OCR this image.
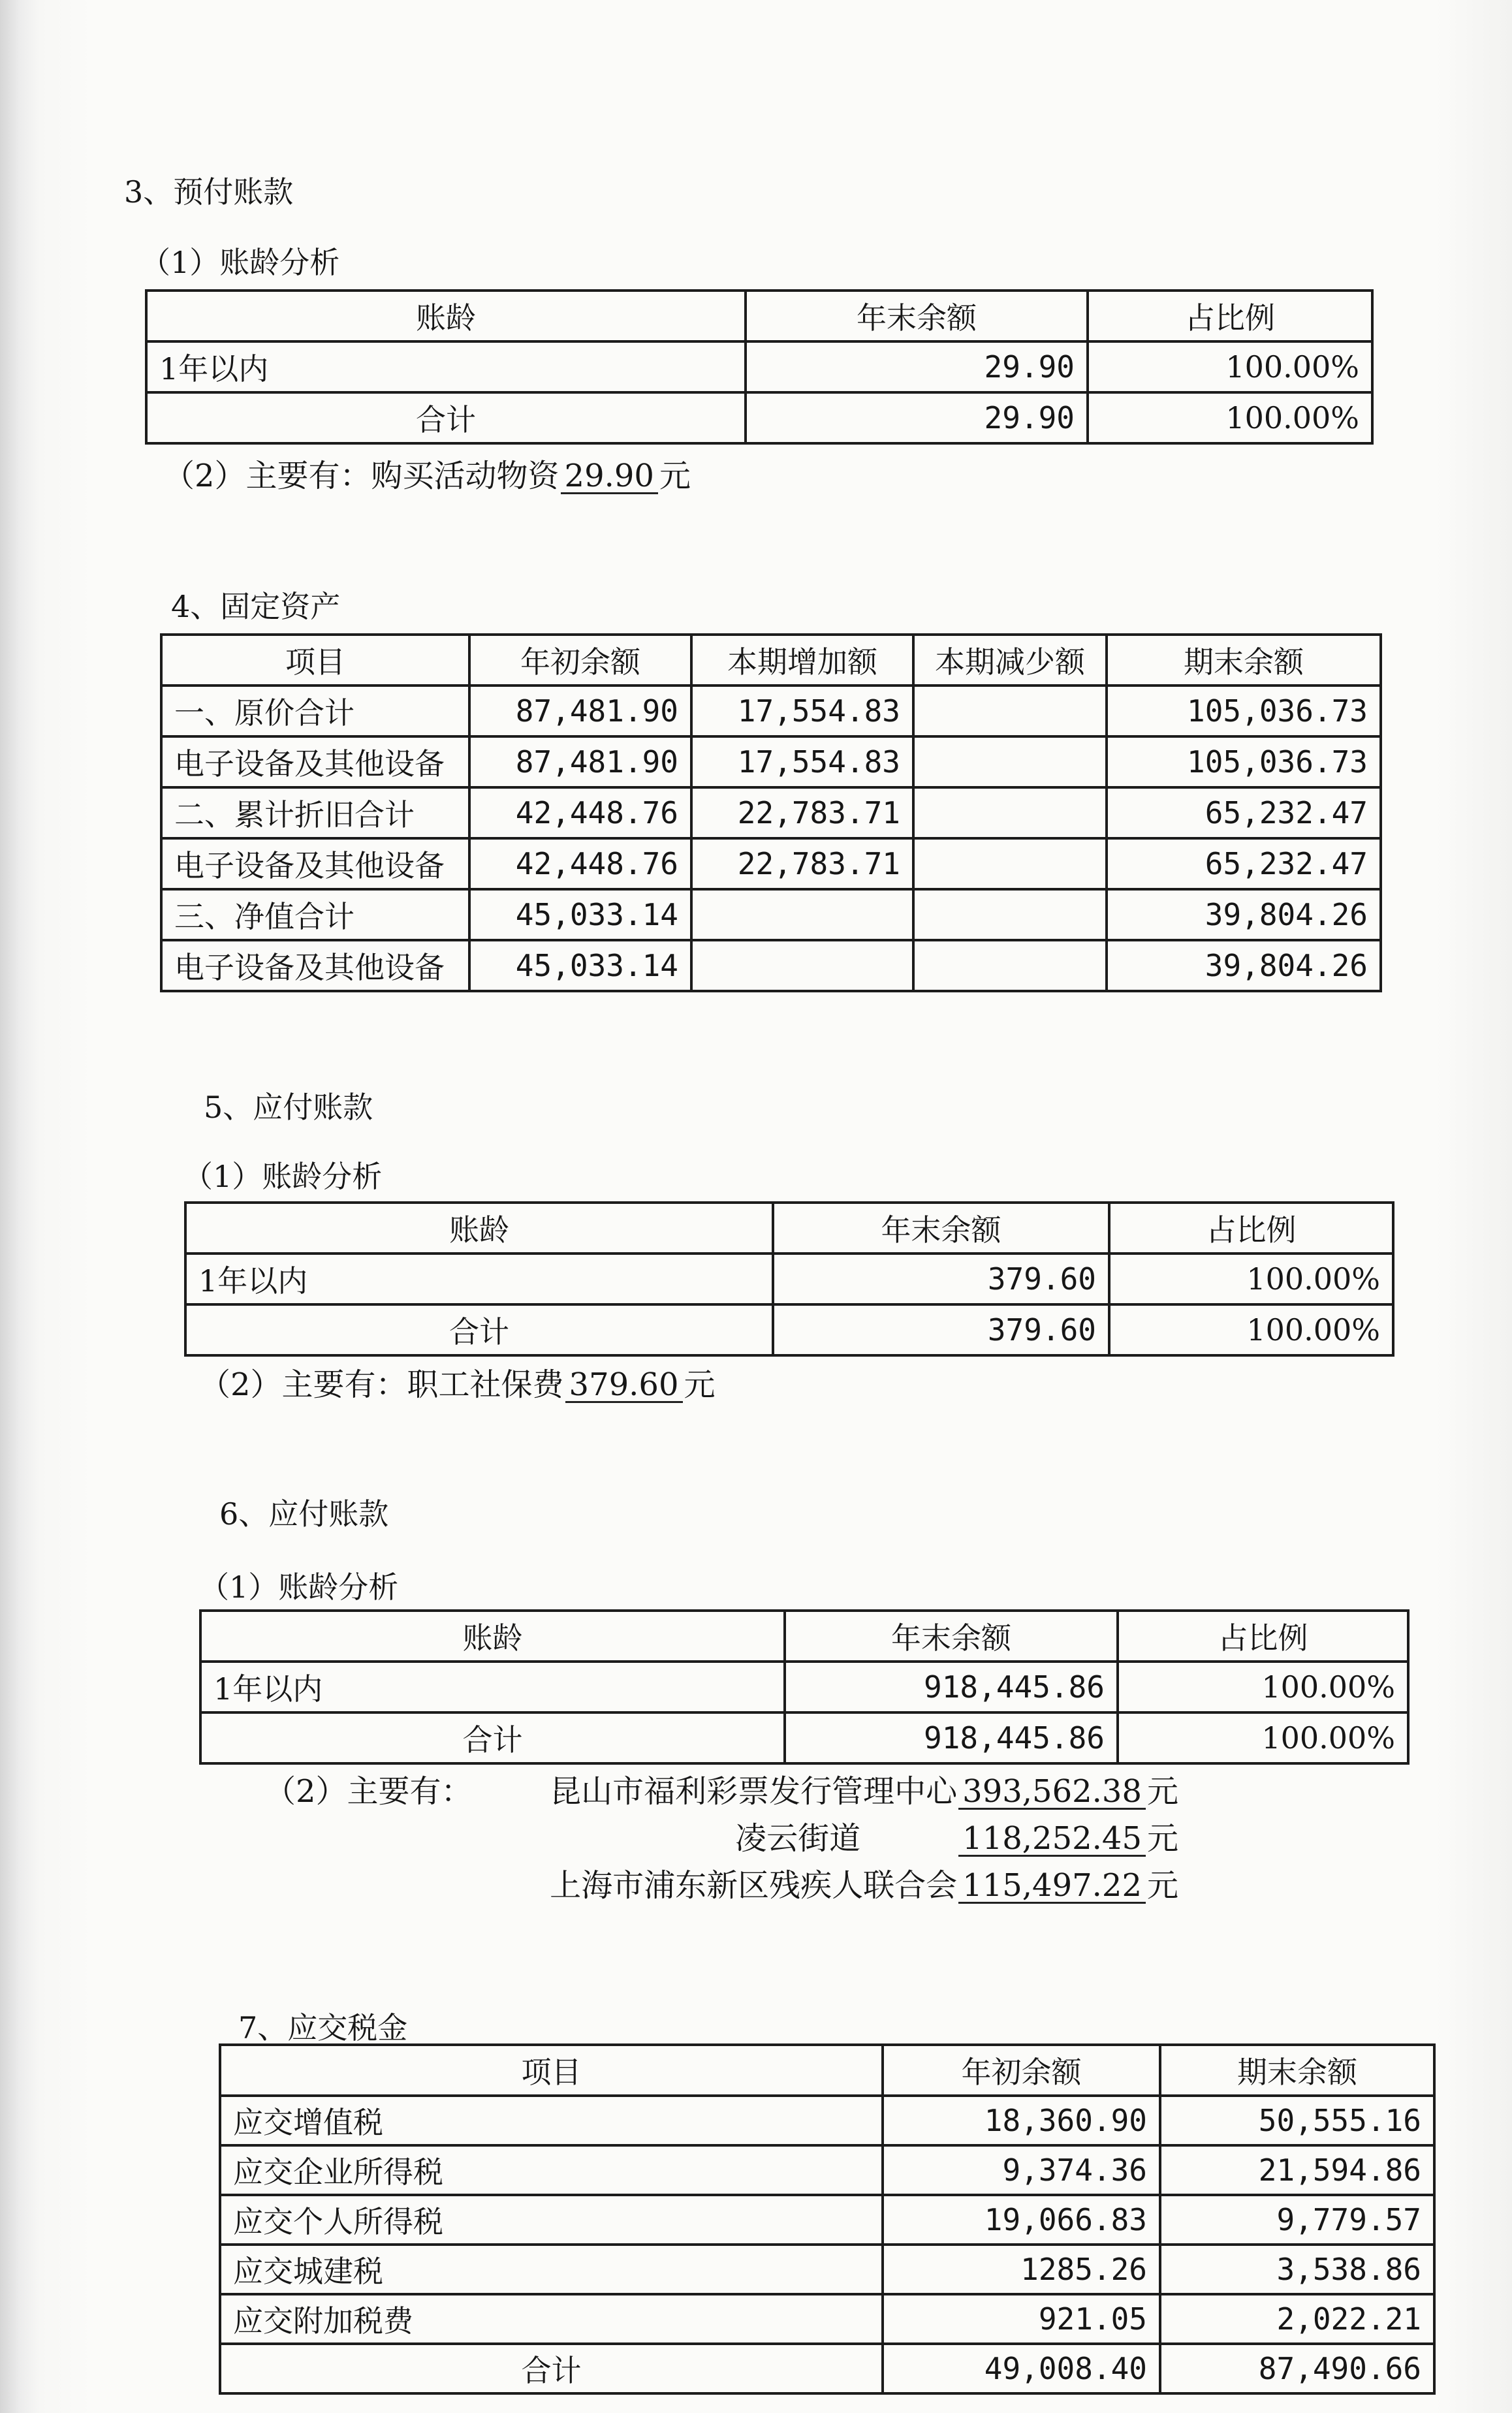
3、预付账款
（1）账龄分析
账龄	年末余额	占比例
1年以内	29.90	100.00%
合计	29.90	100.00%
（2）主要有：购买活动物资 29.90 元
4、固定资产
项目	年初余额	本期增加额	本期减少额	期末余额
一、原价合计	87,481.90	17,554.83		105,036.73
电子设备及其他设备	87,481.90	17,554.83		105,036.73
二、累计折旧合计	42,448.76	22,783.71		65,232.47
电子设备及其他设备	42,448.76	22,783.71		65,232.47
三、净值合计	45,033.14			39,804.26
电子设备及其他设备	45,033.14			39,804.26
5、应付账款
（1）账龄分析
账龄	年末余额	占比例
1年以内	379.60	100.00%
合计	379.60	100.00%
（2）主要有：职工社保费 379.60 元
6、应付账款
（1）账龄分析
账龄	年末余额	占比例
1年以内	918,445.86	100.00%
合计	918,445.86	100.00%
（2）主要有： 昆山市福利彩票发行管理中心 393,562.38 元
凌云街道	118,252.45 元
上海市浦东新区残疾人联合会 115,497.22 元
7、应交税金
项目	年初余额	期末余额
应交增值税	18,360.90	50,555.16
应交企业所得税	9,374.36	21,594.86
应交个人所得税	19,066.83	9,779.57
应交城建税	1285.26	3,538.86
应交附加税费	921.05	2,022.21
合计	49,008.40	87,490.66
